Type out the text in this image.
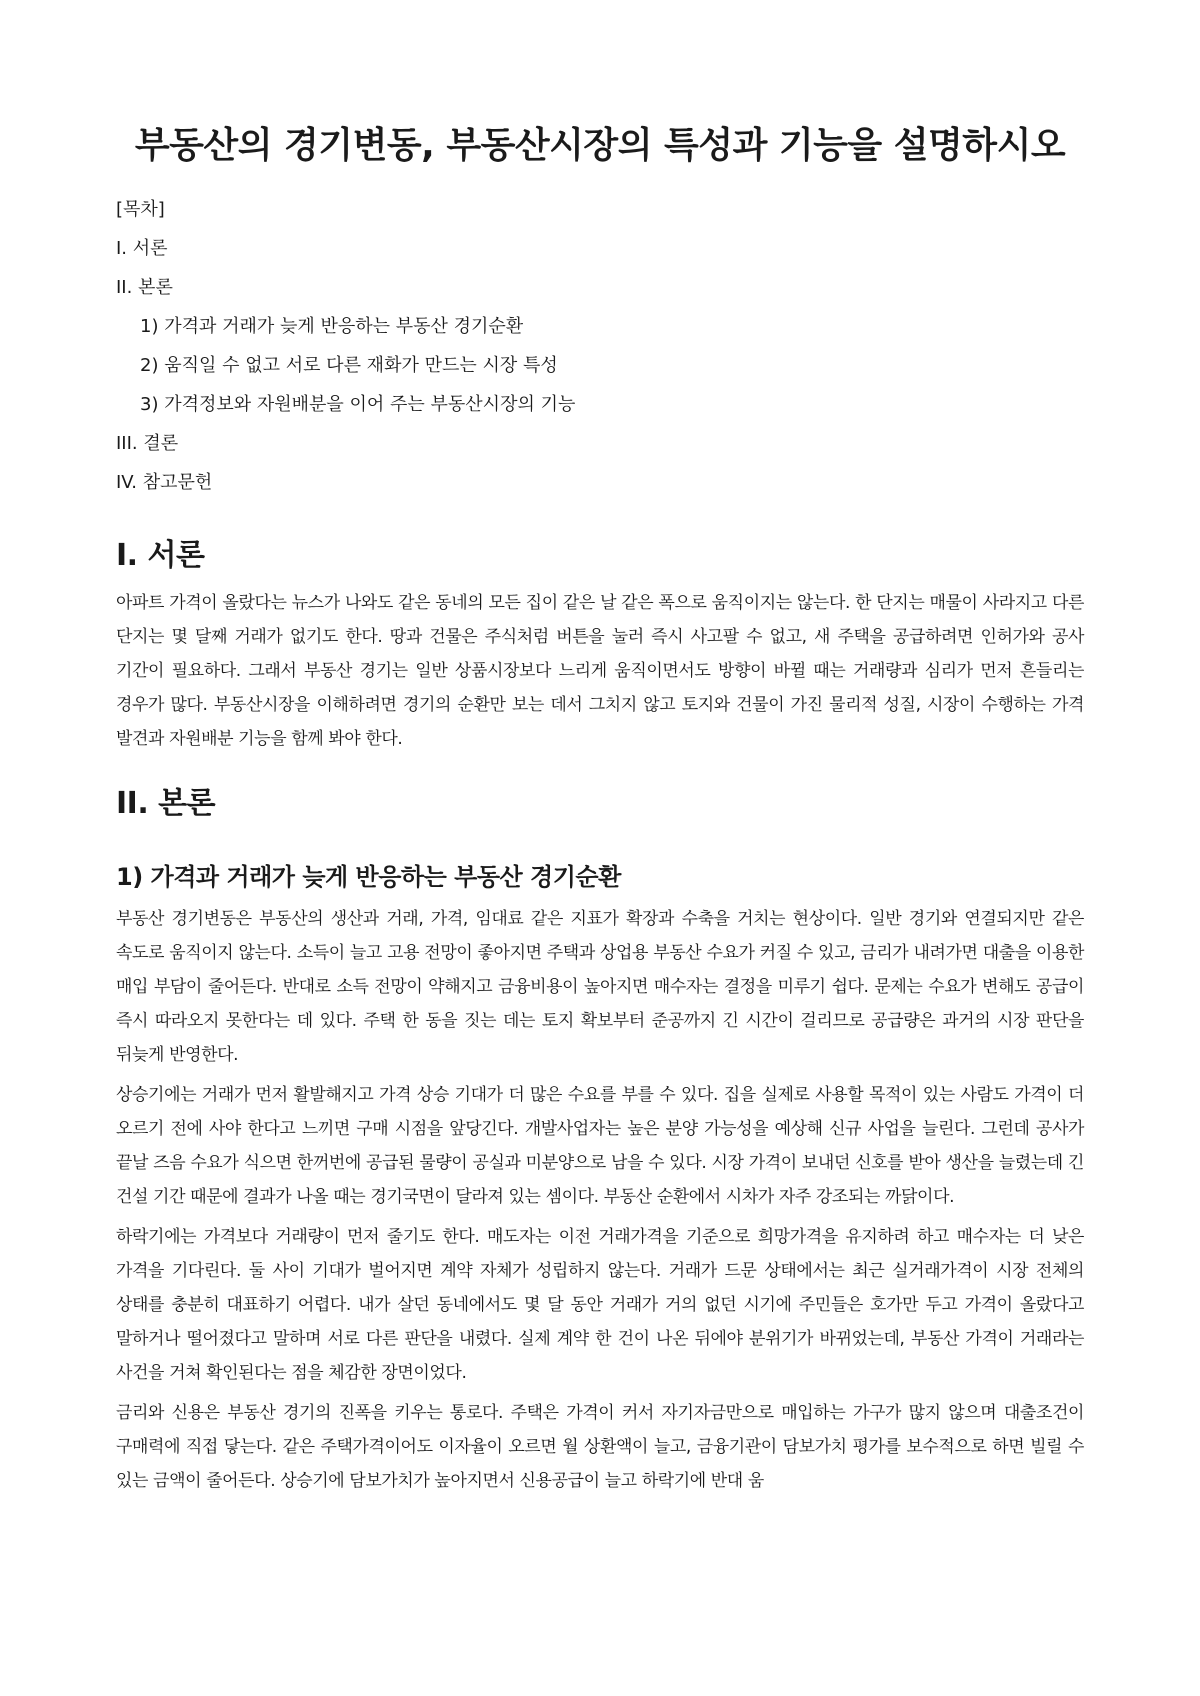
부동산의 경기변동, 부동산시장의 특성과 기능을 설명하시오
[목차]
I. 서론
II. 본론
1) 가격과 거래가 늦게 반응하는 부동산 경기순환
2) 움직일 수 없고 서로 다른 재화가 만드는 시장 특성
3) 가격정보와 자원배분을 이어 주는 부동산시장의 기능
III. 결론
IV. 참고문헌
I. 서론

아파트 가격이 올랐다는 뉴스가 나와도 같은 동네의 모든 집이 같은 날 같은 폭으로 움직이지는 않는다. 한 단지는 매물이 사라지고 다른 단지는 몇 달째 거래가 없기도 한다. 땅과 건물은 주식처럼 버튼을 눌러 즉시 사고팔 수 없고, 새 주택을 공급하려면 인허가와 공사 기간이 필요하다. 그래서 부동산 경기는 일반 상품시장보다 느리게 움직이면서도 방향이 바뀔 때는 거래량과 심리가 먼저 흔들리는 경우가 많다. 부동산시장을 이해하려면 경기의 순환만 보는 데서 그치지 않고 토지와 건물이 가진 물리적 성질, 시장이 수행하는 가격 발견과 자원배분 기능을 함께 봐야 한다.

II. 본론
1) 가격과 거래가 늦게 반응하는 부동산 경기순환

부동산 경기변동은 부동산의 생산과 거래, 가격, 임대료 같은 지표가 확장과 수축을 거치는 현상이다. 일반 경기와 연결되지만 같은 속도로 움직이지 않는다. 소득이 늘고 고용 전망이 좋아지면 주택과 상업용 부동산 수요가 커질 수 있고, 금리가 내려가면 대출을 이용한 매입 부담이 줄어든다. 반대로 소득 전망이 약해지고 금융비용이 높아지면 매수자는 결정을 미루기 쉽다. 문제는 수요가 변해도 공급이 즉시 따라오지 못한다는 데 있다. 주택 한 동을 짓는 데는 토지 확보부터 준공까지 긴 시간이 걸리므로 공급량은 과거의 시장 판단을 뒤늦게 반영한다.

상승기에는 거래가 먼저 활발해지고 가격 상승 기대가 더 많은 수요를 부를 수 있다. 집을 실제로 사용할 목적이 있는 사람도 가격이 더 오르기 전에 사야 한다고 느끼면 구매 시점을 앞당긴다. 개발사업자는 높은 분양 가능성을 예상해 신규 사업을 늘린다. 그런데 공사가 끝날 즈음 수요가 식으면 한꺼번에 공급된 물량이 공실과 미분양으로 남을 수 있다. 시장 가격이 보내던 신호를 받아 생산을 늘렸는데 긴 건설 기간 때문에 결과가 나올 때는 경기국면이 달라져 있는 셈이다. 부동산 순환에서 시차가 자주 강조되는 까닭이다.

하락기에는 가격보다 거래량이 먼저 줄기도 한다. 매도자는 이전 거래가격을 기준으로 희망가격을 유지하려 하고 매수자는 더 낮은 가격을 기다린다. 둘 사이 기대가 벌어지면 계약 자체가 성립하지 않는다. 거래가 드문 상태에서는 최근 실거래가격이 시장 전체의 상태를 충분히 대표하기 어렵다. 내가 살던 동네에서도 몇 달 동안 거래가 거의 없던 시기에 주민들은 호가만 두고 가격이 올랐다고 말하거나 떨어졌다고 말하며 서로 다른 판단을 내렸다. 실제 계약 한 건이 나온 뒤에야 분위기가 바뀌었는데, 부동산 가격이 거래라는 사건을 거쳐 확인된다는 점을 체감한 장면이었다.

금리와 신용은 부동산 경기의 진폭을 키우는 통로다. 주택은 가격이 커서 자기자금만으로 매입하는 가구가 많지 않으며 대출조건이 구매력에 직접 닿는다. 같은 주택가격이어도 이자율이 오르면 월 상환액이 늘고, 금융기관이 담보가치 평가를 보수적으로 하면 빌릴 수 있는 금액이 줄어든다. 상승기에 담보가치가 높아지면서 신용공급이 늘고 하락기에 반대 움
